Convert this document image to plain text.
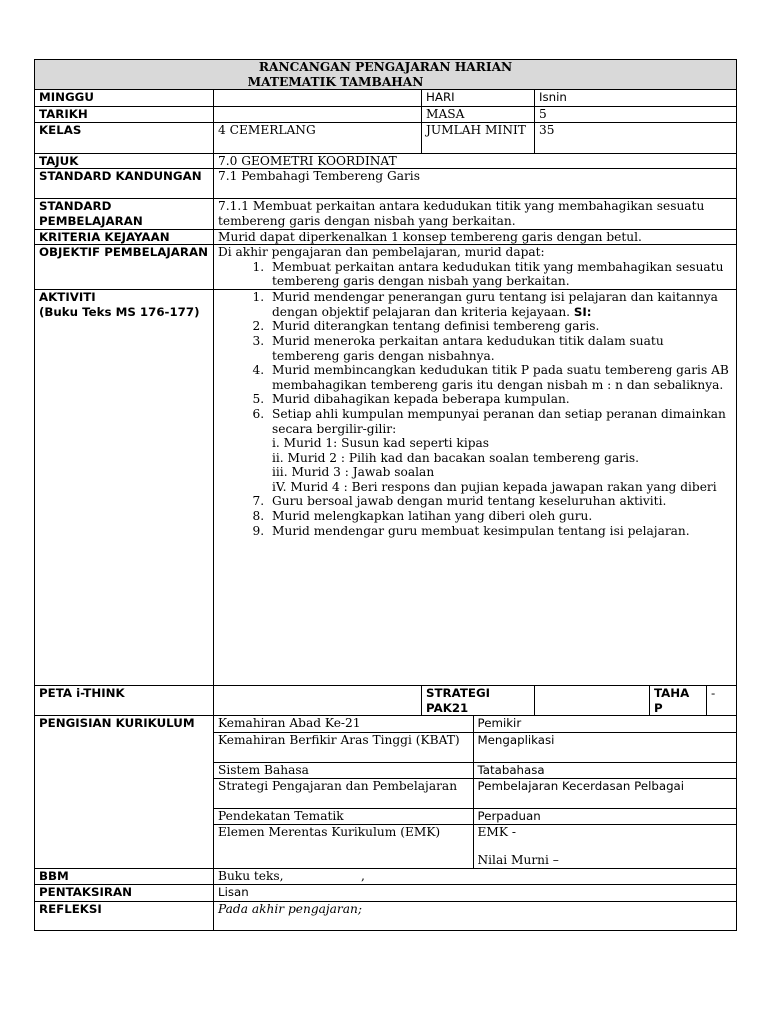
RANCANGAN PENGAJARAN HARIAN
MATEMATIK TAMBAHAN

MINGGU		HARI	Isnin
TARIKH		MASA	5
KELAS	4 CEMERLANG	JUMLAH MINIT	35
TAJUK	7.0 GEOMETRI KOORDINAT
STANDARD KANDUNGAN	7.1 Pembahagi Tembereng Garis
STANDARD PEMBELAJARAN	7.1.1 Membuat perkaitan antara kedudukan titik yang membahagikan sesuatu tembereng garis dengan nisbah yang berkaitan.
KRITERIA KEJAYAAN	Murid dapat diperkenalkan 1 konsep tembereng garis dengan betul.
OBJEKTIF PEMBELAJARAN	Di akhir pengajaran dan pembelajaran, murid dapat:
1. Membuat perkaitan antara kedudukan titik yang membahagikan sesuatu tembereng garis dengan nisbah yang berkaitan.

AKTIVITI
(Buku Teks MS 176-177)

1. Murid mendengar penerangan guru tentang isi pelajaran dan kaitannya dengan objektif pelajaran dan kriteria kejayaan. SI:
2. Murid diterangkan tentang definisi tembereng garis.
3. Murid meneroka perkaitan antara kedudukan titik dalam suatu tembereng garis dengan nisbahnya.
4. Murid membincangkan kedudukan titik P pada suatu tembereng garis AB membahagikan tembereng garis itu dengan nisbah m : n dan sebaliknya.
5. Murid dibahagikan kepada beberapa kumpulan.
6. Setiap ahli kumpulan mempunyai peranan dan setiap peranan dimainkan secara bergilir-gilir:
i. Murid 1: Susun kad seperti kipas
ii. Murid 2 : Pilih kad dan bacakan soalan tembereng garis.
iii. Murid 3 : Jawab soalan
iV. Murid 4 : Beri respons dan pujian kepada jawapan rakan yang diberi
7. Guru bersoal jawab dengan murid tentang keseluruhan aktiviti.
8. Murid melengkapkan latihan yang diberi oleh guru.
9. Murid mendengar guru membuat kesimpulan tentang isi pelajaran.

PETA i-THINK		STRATEGI PAK21		TAHA P	-
PENGISIAN KURIKULUM	Kemahiran Abad Ke-21	Pemikir
Kemahiran Berfikir Aras Tinggi (KBAT)	Mengaplikasi
Sistem Bahasa	Tatabahasa
Strategi Pengajaran dan Pembelajaran	Pembelajaran Kecerdasan Pelbagai
Pendekatan Tematik	Perpaduan
Elemen Merentas Kurikulum (EMK)	EMK -
Nilai Murni –

BBM	Buku teks,                    ,
PENTAKSIRAN	Lisan
REFLEKSI	Pada akhir pengajaran;
